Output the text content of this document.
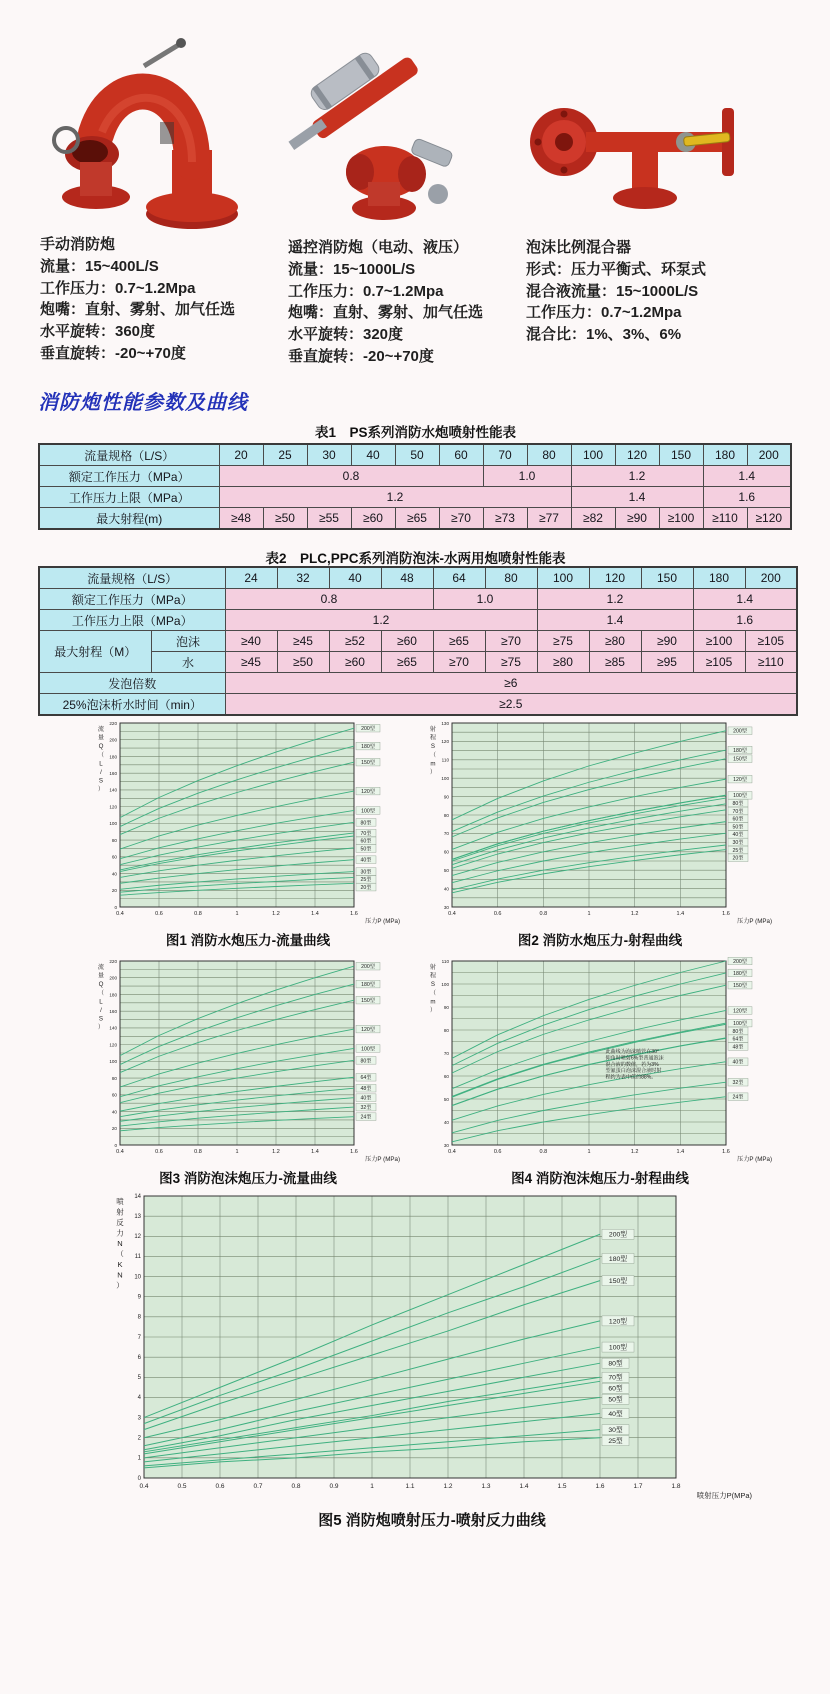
手动消防炮
流量：15~400L/S
工作压力：0.7~1.2Mpa
炮嘴：直射、雾射、加气任选
水平旋转：360度
垂直旋转：-20~+70度
遥控消防炮（电动、液压）
流量：15~1000L/S
工作压力：0.7~1.2Mpa
炮嘴：直射、雾射、加气任选
水平旋转：320度
垂直旋转：-20~+70度
泡沫比例混合器
形式：压力平衡式、环泵式
混合液流量：15~1000L/S
工作压力：0.7~1.2Mpa
混合比：1%、3%、6%
消防炮性能参数及曲线
表1　PS系列消防水炮喷射性能表
流量规格（L/S）	20	25	30	40	50	60	70	80	100	120	150	180	200
额定工作压力（MPa）	0.8						1.0		1.2			1.4	
工作压力上限（MPa）	1.2								1.4			1.6	
最大射程(m)	≥48	≥50	≥55	≥60	≥65	≥70	≥73	≥77	≥82	≥90	≥100	≥110	≥120
表2　PLC,PPC系列消防泡沫-水两用炮喷射性能表
流量规格（L/S）		24	32	40	48	64	80	100	120	150	180	200
额定工作压力（MPa）		0.8				1.0		1.2			1.4	
工作压力上限（MPa）		1.2						1.4			1.6	
最大射程（M）	泡沫	≥40	≥45	≥52	≥60	≥65	≥70	≥75	≥80	≥90	≥100	≥105
	水	≥45	≥50	≥60	≥65	≥70	≥75	≥80	≥85	≥95	≥105	≥110
发泡倍数		≥6										
25%泡沫析水时间（min）		≥2.5										
0.4	0.6	0.8	1	1.2	1.4	1.6
0
20
40
60
80
100
120
140
160
180
200
220
200型
180型
150型
120型
100型
80型
70型
60型
50型
40型
30型
25型
20型
流
量
Q
（
L
/
S
）
压力P (MPa)
0.4	0.6	0.8	1	1.2	1.4	1.6
30
40
50
60
70
80
90
100
110
120
130
200型
180型
150型
120型
100型
80型
70型
60型
50型
40型
30型
25型
20型
射
程
S
（
m
）
压力P (MPa)
图1 消防水炮压力-流量曲线	图2 消防水炮压力-射程曲线
0.4	0.6	0.8	1	1.2	1.4	1.6
0
20
40
60
80
100
120
140
160
180
200
220
200型
180型
150型
120型
100型
80型
64型
48型
40型
32型
24型
流
量
Q
（
L
/
S
）
压力P (MPa)
0.4	0.6	0.8	1	1.2	1.4	1.6
30
40
50
60
70
80
90
100
110	200型
180型
150型
120型
100型
80型
64型
48型
40型
32型
24型
射
程
S
（
m
）
压力P (MPa)
此曲线为泡沫喷管在30°
仰角时喷射6%型普通泡沫
混合液的数值，若为3%
型氟蛋白泡沫混合液时射
程约为表中值的88%。
图3 消防泡沫炮压力-流量曲线	图4 消防泡沫炮压力-射程曲线
0.4	0.5	0.6	0.7	0.8	0.9	1	1.1	1.2	1.3	1.4	1.5	1.6	1.7	1.8
0
1
2
3
4
5
6
7
8
9
10
11
12
13
14
200型
180型
150型
120型
100型
80型
70型
60型
50型
40型
30型
25型
喷
射
反
力
N
（
K
N
）
喷射压力P(MPa)
图5 消防炮喷射压力-喷射反力曲线
